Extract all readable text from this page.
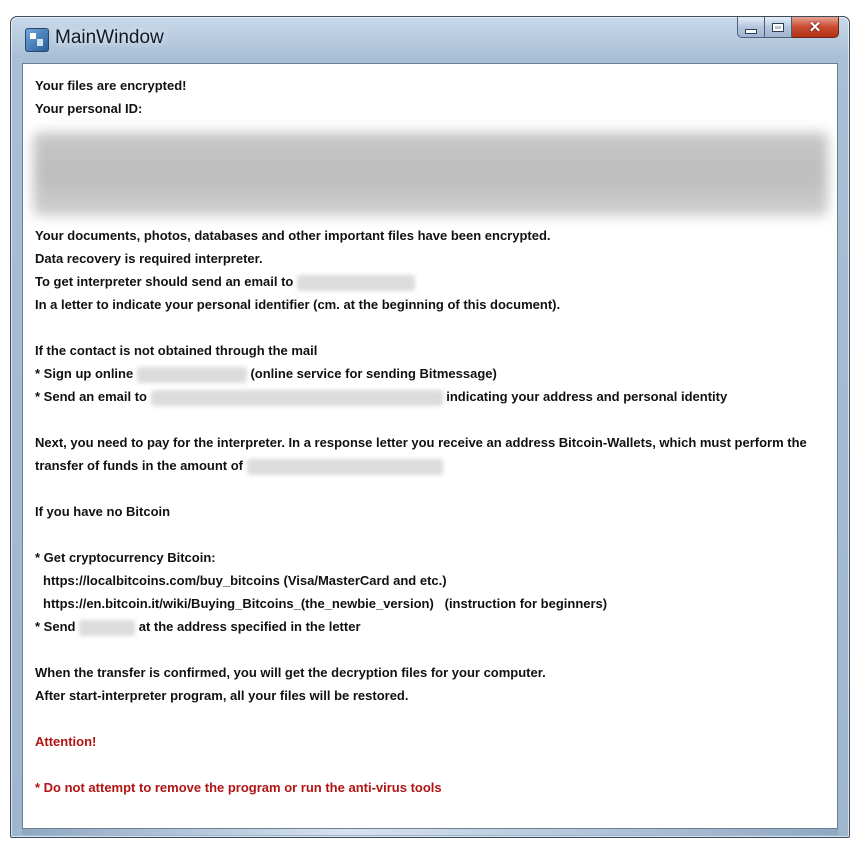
MainWindow	✕
Your files are encrypted!
Your personal ID:
Your documents, photos, databases and other important files have been encrypted.
Data recovery is required interpreter.
To get interpreter should send an email to
In a letter to indicate your personal identifier (cm. at the beginning of this document).
If the contact is not obtained through the mail
* Sign up online	(online service for sending Bitmessage)
* Send an email to	indicating your address and personal identity
Next, you need to pay for the interpreter. In a response letter you receive an address Bitcoin-Wallets, which must perform the
transfer of funds in the amount of
If you have no Bitcoin
* Get cryptocurrency Bitcoin:
https://localbitcoins.com/buy_bitcoins (Visa/MasterCard and etc.)
https://en.bitcoin.it/wiki/Buying_Bitcoins_(the_newbie_version)   (instruction for beginners)
* Send	at the address specified in the letter
When the transfer is confirmed, you will get the decryption files for your computer.
After start-interpreter program, all your files will be restored.
Attention!
* Do not attempt to remove the program or run the anti-virus tools
